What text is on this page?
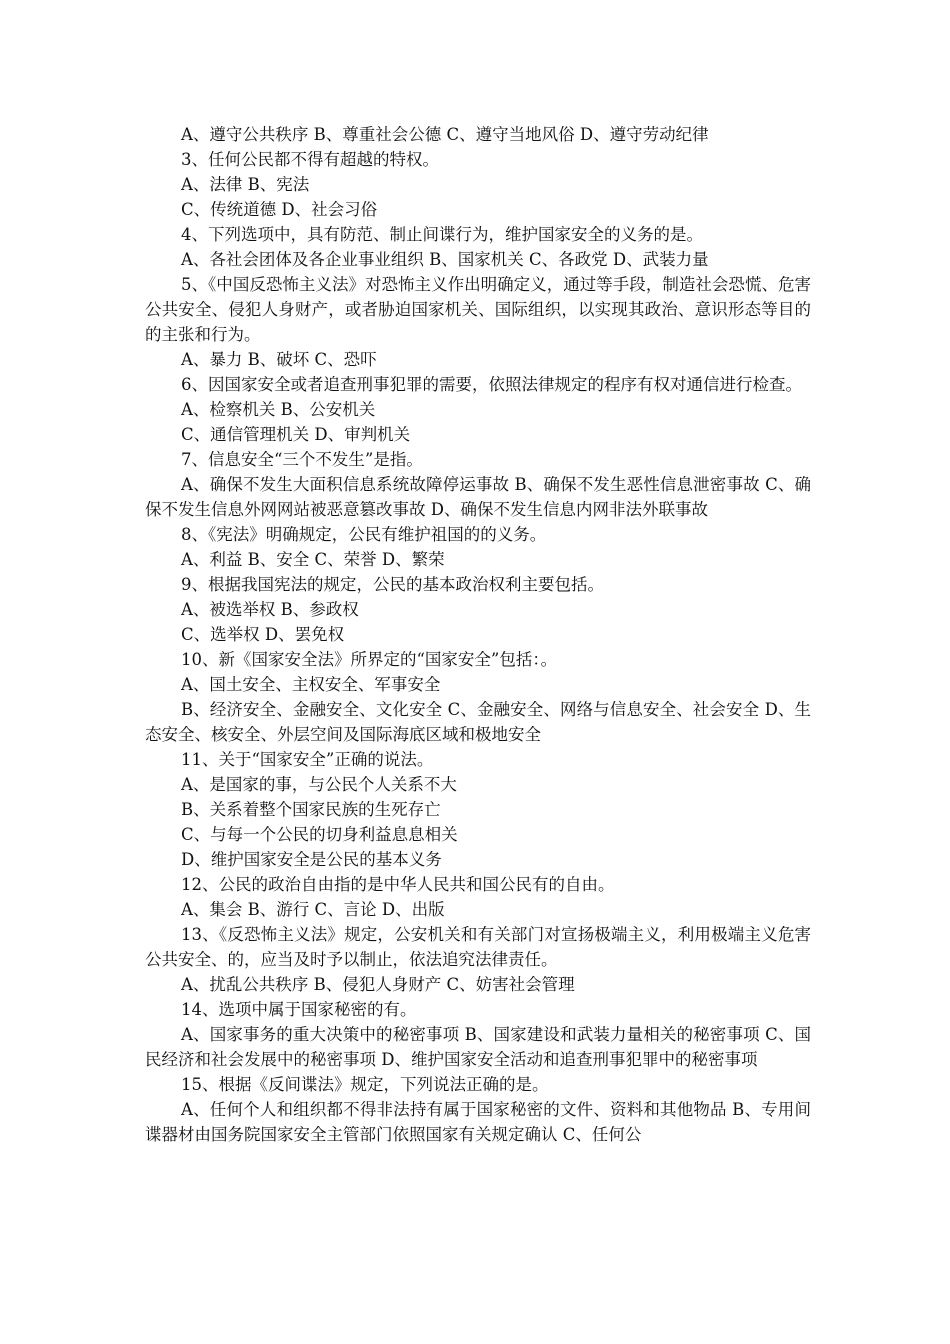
A、遵守公共秩序 B、尊重社会公德 C、遵守当地风俗 D、遵守劳动纪律

3、任何公民都不得有超越的特权。

A、法律 B、宪法

C、传统道德 D、社会习俗

4、下列选项中，具有防范、制止间谍行为，维护国家安全的义务的是。

A、各社会团体及各企业事业组织 B、国家机关 C、各政党 D、武装力量

5、《中国反恐怖主义法》对恐怖主义作出明确定义，通过等手段，制造社会恐慌、危害公共安全、侵犯人身财产，或者胁迫国家机关、国际组织，以实现其政治、意识形态等目的的主张和行为。

A、暴力 B、破坏 C、恐吓

6、因国家安全或者追查刑事犯罪的需要，依照法律规定的程序有权对通信进行检查。

A、检察机关 B、公安机关

C、通信管理机关 D、审判机关

7、信息安全“三个不发生”是指。

A、确保不发生大面积信息系统故障停运事故 B、确保不发生恶性信息泄密事故 C、确保不发生信息外网网站被恶意篡改事故 D、确保不发生信息内网非法外联事故

8、《宪法》明确规定，公民有维护祖国的的义务。

A、利益 B、安全 C、荣誉 D、繁荣

9、根据我国宪法的规定，公民的基本政治权利主要包括。

A、被选举权 B、参政权

C、选举权 D、罢免权

10、新《国家安全法》所界定的“国家安全”包括：。

A、国土安全、主权安全、军事安全

B、经济安全、金融安全、文化安全 C、金融安全、网络与信息安全、社会安全 D、生态安全、核安全、外层空间及国际海底区域和极地安全

11、关于“国家安全”正确的说法。

A、是国家的事，与公民个人关系不大

B、关系着整个国家民族的生死存亡

C、与每一个公民的切身利益息息相关

D、维护国家安全是公民的基本义务

12、公民的政治自由指的是中华人民共和国公民有的自由。

A、集会 B、游行 C、言论 D、出版

13、《反恐怖主义法》规定，公安机关和有关部门对宣扬极端主义，利用极端主义危害公共安全、的，应当及时予以制止，依法追究法律责任。

A、扰乱公共秩序 B、侵犯人身财产 C、妨害社会管理

14、选项中属于国家秘密的有。

A、国家事务的重大决策中的秘密事项 B、国家建设和武装力量相关的秘密事项 C、国民经济和社会发展中的秘密事项 D、维护国家安全活动和追查刑事犯罪中的秘密事项

15、根据《反间谍法》规定，下列说法正确的是。

A、任何个人和组织都不得非法持有属于国家秘密的文件、资料和其他物品 B、专用间谍器材由国务院国家安全主管部门依照国家有关规定确认 C、任何公
